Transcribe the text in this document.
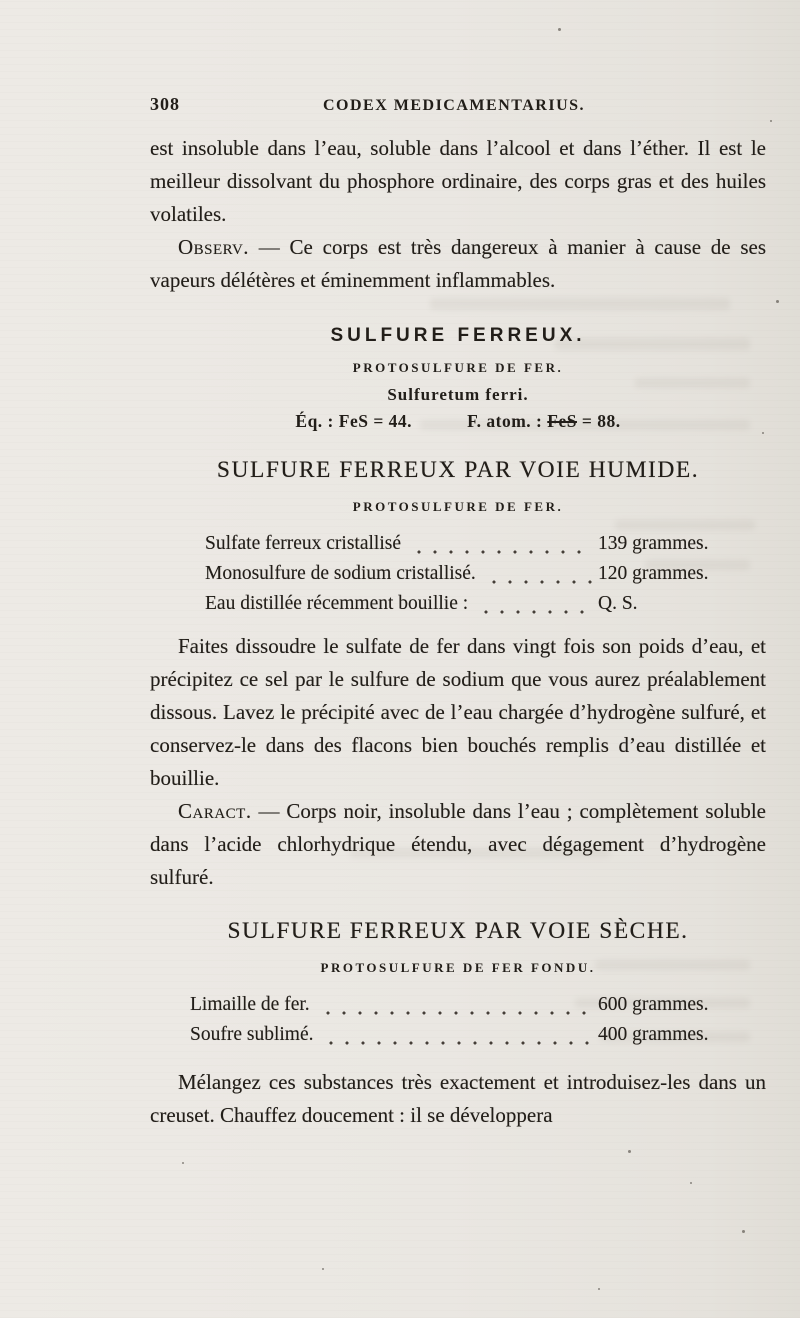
308	CODEX MEDICAMENTARIUS.

est insoluble dans l’eau, soluble dans l’alcool et dans l’éther. Il est le meilleur dissolvant du phosphore ordinaire, des corps gras et des huiles volatiles.

Observ. — Ce corps est très dangereux à manier à cause de ses vapeurs délétères et éminemment inflammables.

SULFURE FERREUX.
PROTOSULFURE DE FER.
Sulfuretum ferri.
Éq. : FeS = 44.	F. atom. : FeS = 88.
SULFURE FERREUX PAR VOIE HUMIDE.
PROTOSULFURE DE FER.
Sulfate ferreux cristallisé	139 grammes.
Monosulfure de sodium cristallisé.	120 grammes.
Eau distillée récemment bouillie :	Q. S.

Faites dissoudre le sulfate de fer dans vingt fois son poids d’eau, et précipitez ce sel par le sulfure de sodium que vous aurez préalablement dissous. Lavez le précipité avec de l’eau chargée d’hydrogène sulfuré, et conservez-le dans des flacons bien bouchés remplis d’eau distillée et bouillie.

Caract. — Corps noir, insoluble dans l’eau ; complètement soluble dans l’acide chlorhydrique étendu, avec dégagement d’hydrogène sulfuré.

SULFURE FERREUX PAR VOIE SÈCHE.
PROTOSULFURE DE FER FONDU.
Limaille de fer.	600 grammes.
Soufre sublimé.	400 grammes.

Mélangez ces substances très exactement et introduisez-les dans un creuset. Chauffez doucement : il se développera
